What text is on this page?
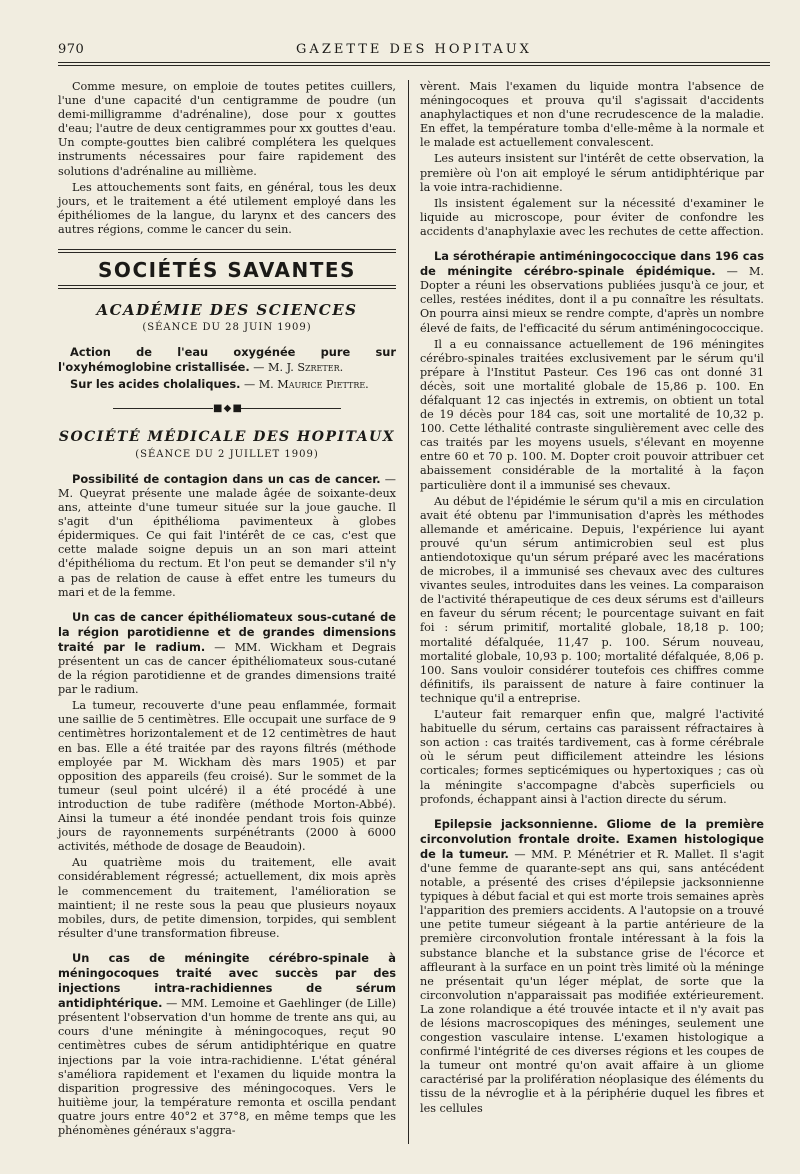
970	GAZETTE DES HOPITAUX

Comme mesure, on emploie de toutes petites cuillers, l'une d'une capacité d'un centigramme de poudre (un demi-milligramme d'adrénaline), dose pour x gouttes d'eau; l'autre de deux centigrammes pour xx gouttes d'eau. Un compte-gouttes bien calibré complétera les quelques instruments nécessaires pour faire rapidement des solutions d'adrénaline au millième.

Les attouchements sont faits, en général, tous les deux jours, et le traitement a été utilement employé dans les épithéliomes de la langue, du larynx et des cancers des autres régions, comme le cancer du sein.

SOCIÉTÉS SAVANTES
ACADÉMIE DES SCIENCES
(SÉANCE DU 28 JUIN 1909)

Action de l'eau oxygénée pure sur l'oxyhémoglobine cristallisée. — M. J. Szreter.

Sur les acides cholaliques. — M. Maurice Piettre.

■ ◆ ■
SOCIÉTÉ MÉDICALE DES HOPITAUX
(SÉANCE DU 2 JUILLET 1909)

Possibilité de contagion dans un cas de cancer. — M. Queyrat présente une malade âgée de soixante-deux ans, atteinte d'une tumeur située sur la joue gauche. Il s'agit d'un épithélioma pavimenteux à globes épidermiques. Ce qui fait l'intérêt de ce cas, c'est que cette malade soigne depuis un an son mari atteint d'épithélioma du rectum. Et l'on peut se demander s'il n'y a pas de relation de cause à effet entre les tumeurs du mari et de la femme.

Un cas de cancer épithéliomateux sous-cutané de la région parotidienne et de grandes dimensions traité par le radium. — MM. Wickham et Degrais présentent un cas de cancer épithéliomateux sous-cutané de la région parotidienne et de grandes dimensions traité par le radium.

La tumeur, recouverte d'une peau enflammée, formait une saillie de 5 centimètres. Elle occupait une surface de 9 centimètres horizontalement et de 12 centimètres de haut en bas. Elle a été traitée par des rayons filtrés (méthode employée par M. Wickham dès mars 1905) et par opposition des appareils (feu croisé). Sur le sommet de la tumeur (seul point ulcéré) il a été procédé à une introduction de tube radifère (méthode Morton-Abbé). Ainsi la tumeur a été inondée pendant trois fois quinze jours de rayonnements surpénétrants (2000 à 6000 activités, méthode de dosage de Beaudoin).

Au quatrième mois du traitement, elle avait considérablement régressé; actuellement, dix mois après le commencement du traitement, l'amélioration se maintient; il ne reste sous la peau que plusieurs noyaux mobiles, durs, de petite dimension, torpides, qui semblent résulter d'une transformation fibreuse.

Un cas de méningite cérébro-spinale à méningocoques traité avec succès par des injections intra-rachidiennes de sérum antidiphtérique. — MM. Lemoine et Gaehlinger (de Lille) présentent l'observation d'un homme de trente ans qui, au cours d'une méningite à méningocoques, reçut 90 centimètres cubes de sérum antidiphtérique en quatre injections par la voie intra-rachidienne. L'état général s'améliora rapidement et l'examen du liquide montra la disparition progressive des méningocoques. Vers le huitième jour, la température remonta et oscilla pendant quatre jours entre 40°2 et 37°8, en même temps que les phénomènes généraux s'aggra-

vèrent. Mais l'examen du liquide montra l'absence de méningocoques et prouva qu'il s'agissait d'accidents anaphylactiques et non d'une recrudescence de la maladie. En effet, la température tomba d'elle-même à la normale et le malade est actuellement convalescent.

Les auteurs insistent sur l'intérêt de cette observation, la première où l'on ait employé le sérum antidiphtérique par la voie intra-rachidienne.

Ils insistent également sur la nécessité d'examiner le liquide au microscope, pour éviter de confondre les accidents d'anaphylaxie avec les rechutes de cette affection.

La sérothérapie antiméningococcique dans 196 cas de méningite cérébro-spinale épidémique. — M. Dopter a réuni les observations publiées jusqu'à ce jour, et celles, restées inédites, dont il a pu connaître les résultats. On pourra ainsi mieux se rendre compte, d'après un nombre élevé de faits, de l'efficacité du sérum antiméningococcique.

Il a eu connaissance actuellement de 196 méningites cérébro-spinales traitées exclusivement par le sérum qu'il prépare à l'Institut Pasteur. Ces 196 cas ont donné 31 décès, soit une mortalité globale de 15,86 p. 100. En défalquant 12 cas injectés in extremis, on obtient un total de 19 décès pour 184 cas, soit une mortalité de 10,32 p. 100. Cette léthalité contraste singulièrement avec celle des cas traités par les moyens usuels, s'élevant en moyenne entre 60 et 70 p. 100. M. Dopter croit pouvoir attribuer cet abaissement considérable de la mortalité à la façon particulière dont il a immunisé ses chevaux.

Au début de l'épidémie le sérum qu'il a mis en circulation avait été obtenu par l'immunisation d'après les méthodes allemande et américaine. Depuis, l'expérience lui ayant prouvé qu'un sérum antimicrobien seul est plus antiendotoxique qu'un sérum préparé avec les macérations de microbes, il a immunisé ses chevaux avec des cultures vivantes seules, introduites dans les veines. La comparaison de l'activité thérapeutique de ces deux sérums est d'ailleurs en faveur du sérum récent; le pourcentage suivant en fait foi : sérum primitif, mortalité globale, 18,18 p. 100; mortalité défalquée, 11,47 p. 100. Sérum nouveau, mortalité globale, 10,93 p. 100; mortalité défalquée, 8,06 p. 100. Sans vouloir considérer toutefois ces chiffres comme définitifs, ils paraissent de nature à faire continuer la technique qu'il a entreprise.

L'auteur fait remarquer enfin que, malgré l'activité habituelle du sérum, certains cas paraissent réfractaires à son action : cas traités tardivement, cas à forme cérébrale où le sérum peut difficilement atteindre les lésions corticales; formes septicémiques ou hypertoxiques ; cas où la méningite s'accompagne d'abcès superficiels ou profonds, échappant ainsi à l'action directe du sérum.

Epilepsie jacksonnienne. Gliome de la première circonvolution frontale droite. Examen histologique de la tumeur. — MM. P. Ménétrier et R. Mallet. Il s'agit d'une femme de quarante-sept ans qui, sans antécédent notable, a présenté des crises d'épilepsie jacksonnienne typiques à début facial et qui est morte trois semaines après l'apparition des premiers accidents. A l'autopsie on a trouvé une petite tumeur siégeant à la partie antérieure de la première circonvolution frontale intéressant à la fois la substance blanche et la substance grise de l'écorce et affleurant à la surface en un point très limité où la méninge ne présentait qu'un léger méplat, de sorte que la circonvolution n'apparaissait pas modifiée extérieurement. La zone rolandique a été trouvée intacte et il n'y avait pas de lésions macroscopiques des méninges, seulement une congestion vasculaire intense. L'examen histologique a confirmé l'intégrité de ces diverses régions et les coupes de la tumeur ont montré qu'on avait affaire à un gliome caractérisé par la prolifération néoplasique des éléments du tissu de la névroglie et à la périphérie duquel les fibres et les cellules
